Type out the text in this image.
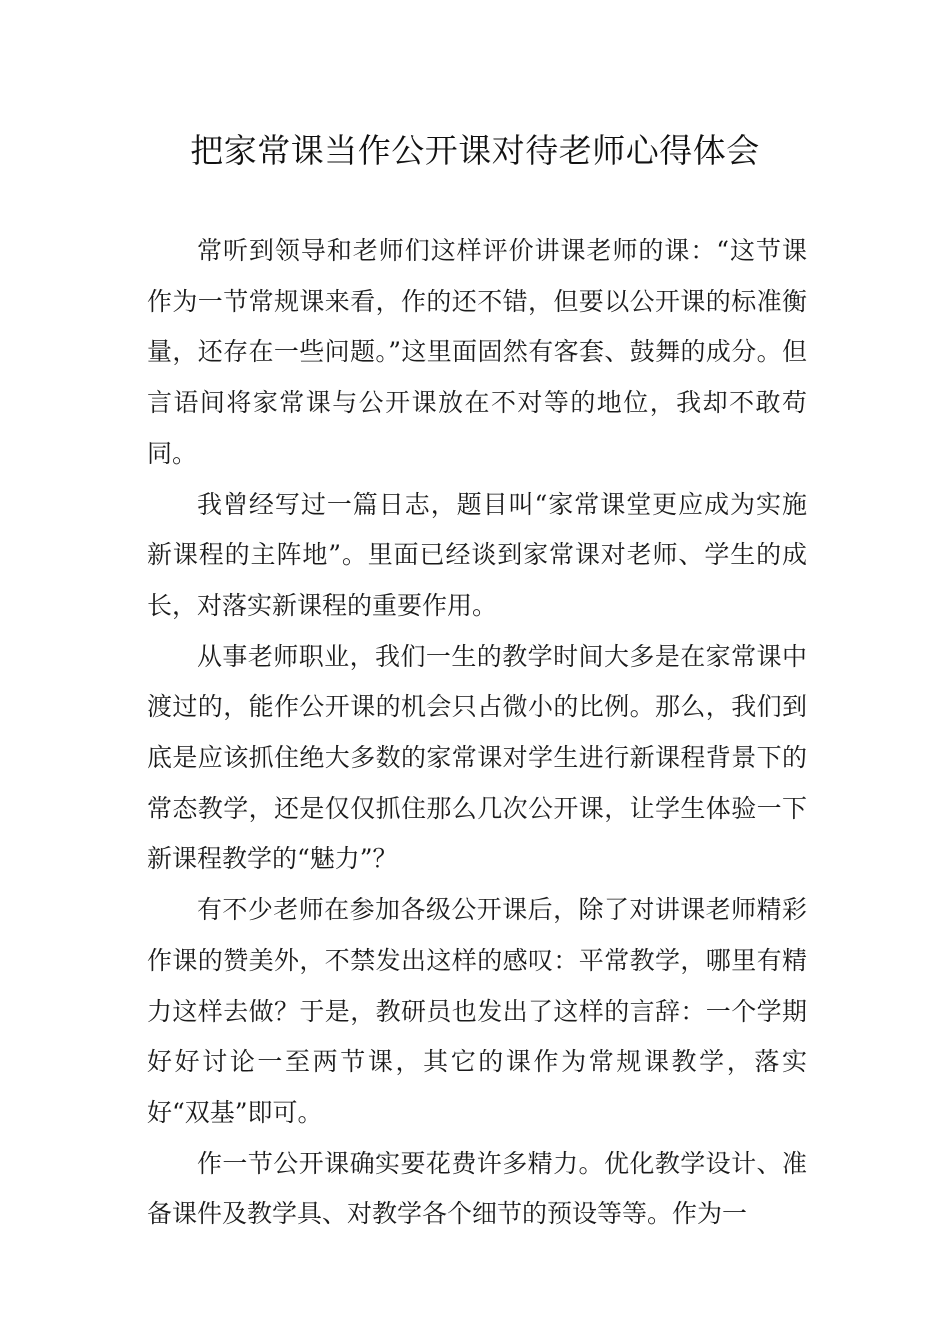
把家常课当作公开课对待老师心得体会

常听到领导和老师们这样评价讲课老师的课：“这节课作为一节常规课来看，作的还不错，但要以公开课的标准衡量，还存在一些问题。”这里面固然有客套、鼓舞的成分。但言语间将家常课与公开课放在不对等的地位，我却不敢苟同。

我曾经写过一篇日志，题目叫“家常课堂更应成为实施新课程的主阵地”。里面已经谈到家常课对老师、学生的成长，对落实新课程的重要作用。

从事老师职业，我们一生的教学时间大多是在家常课中渡过的，能作公开课的机会只占微小的比例。那么，我们到底是应该抓住绝大多数的家常课对学生进行新课程背景下的常态教学，还是仅仅抓住那么几次公开课，让学生体验一下新课程教学的“魅力”？

有不少老师在参加各级公开课后，除了对讲课老师精彩作课的赞美外，不禁发出这样的感叹：平常教学，哪里有精力这样去做？于是，教研员也发出了这样的言辞：一个学期好好讨论一至两节课，其它的课作为常规课教学，落实好“双基”即可。

作一节公开课确实要花费许多精力。优化教学设计、准备课件及教学具、对教学各个细节的预设等等。作为一
